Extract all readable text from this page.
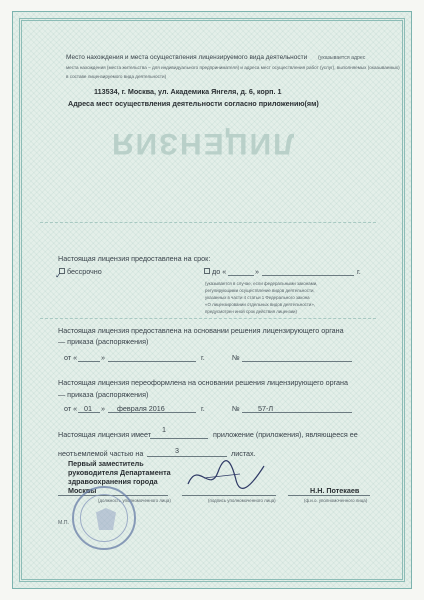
ЛИЦЕНЗИЯ
Место нахождения и места осуществления лицензируемого вида деятельности (указывается адрес
места нахождения (места жительства – для индивидуального предпринимателя) и адреса мест осуществления работ (услуг), выполняемых (оказываемых)
в составе лицензируемого вида деятельности)
113534, г. Москва, ул. Академика Янгеля, д. 6, корп. 1
Адреса мест осуществления деятельности согласно приложению(ям)
Настоящая лицензия предоставлена на срок:
✓ бессрочно	до «	»	г.
(указывается в случае, если федеральными законами,
регулирующими осуществление видов деятельности,
указанных в части 4 статьи 1 Федерального закона
«О лицензировании отдельных видов деятельности»,
предусмотрен иной срок действия лицензии)
Настоящая лицензия предоставлена на основании решения лицензирующего органа
— приказа (распоряжения)
от «	»	г.	№
Настоящая лицензия переоформлена на основании решения лицензирующего органа
— приказа (распоряжения)
от « 01 » февраля 2016	г.	№	57-Л
Настоящая лицензия имеет
1
приложение (приложения), являющееся ее
неотъемлемой частью на	3	листах.
Первый заместитель
руководителя Департамента
здравоохранения города
Москвы
(должность уполномоченного лица)	(подпись уполномоченного лица)
Н.Н. Потекаев
(ф.и.о. уполномоченного лица)
М.П.
